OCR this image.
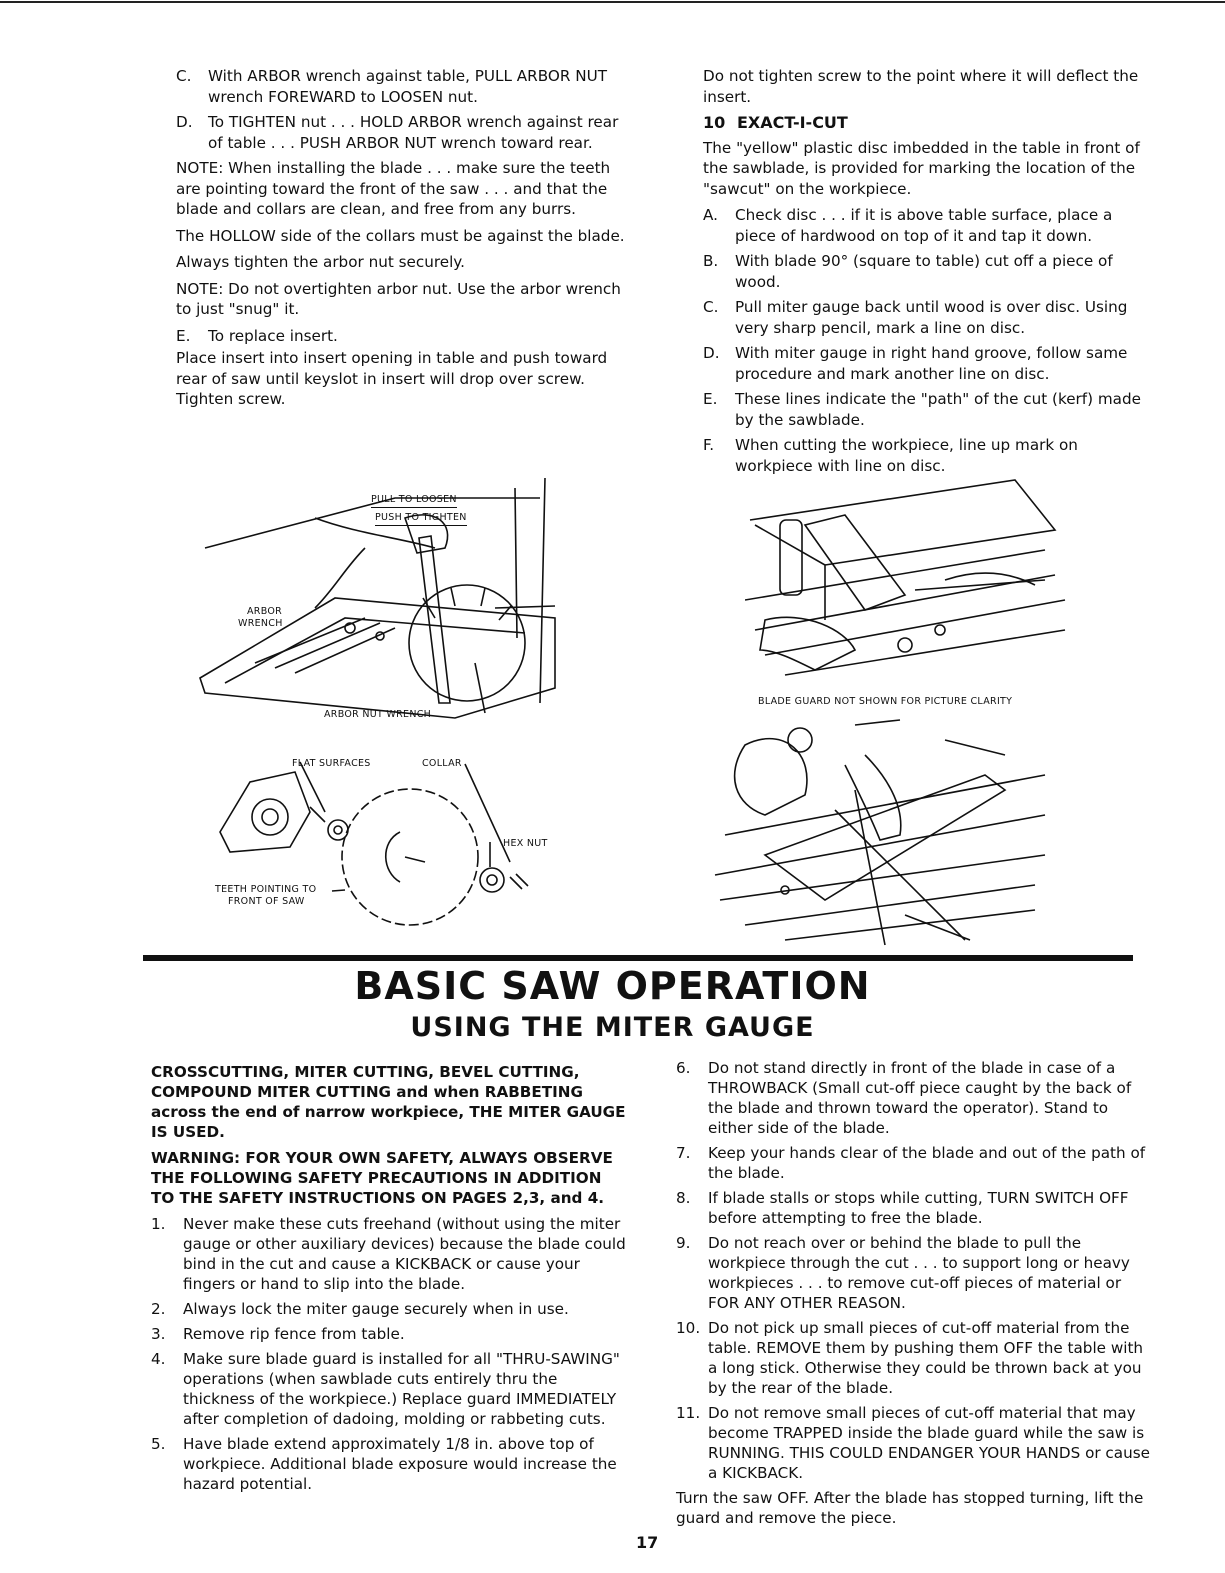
C.	With ARBOR wrench against table, PULL ARBOR NUT wrench FOREWARD to LOOSEN nut.
D.	To TIGHTEN nut . . . HOLD ARBOR wrench against rear of table . . . PUSH ARBOR NUT wrench toward rear.

NOTE: When installing the blade . . . make sure the teeth are pointing toward the front of the saw . . . and that the blade and collars are clean, and free from any burrs.

The HOLLOW side of the collars must be against the blade.

Always tighten the arbor nut securely.

NOTE: Do not overtighten arbor nut. Use the arbor wrench to just "snug" it.

E.	To replace insert.

Place insert into insert opening in table and push toward rear of saw until keyslot in insert will drop over screw. Tighten screw.

Do not tighten screw to the point where it will deflect the insert.

10 EXACT-I-CUT

The "yellow" plastic disc imbedded in the table in front of the sawblade, is provided for marking the location of the "sawcut" on the workpiece.

A.	Check disc . . . if it is above table surface, place a piece of hardwood on top of it and tap it down.
B.	With blade 90° (square to table) cut off a piece of wood.
C.	Pull miter gauge back until wood is over disc. Using very sharp pencil, mark a line on disc.
D.	With miter gauge in right hand groove, follow same procedure and mark another line on disc.
E.	These lines indicate the "path" of the cut (kerf) made by the sawblade.
F.	When cutting the workpiece, line up mark on workpiece with line on disc.
PULL TO LOOSEN
PUSH TO TIGHTEN
ARBOR
WRENCH
ARBOR NUT WRENCH
FLAT SURFACES	COLLAR
HEX NUT
TEETH POINTING TO
FRONT OF SAW
BLADE GUARD NOT SHOWN FOR PICTURE CLARITY
BASIC SAW OPERATION
USING THE MITER GAUGE

CROSSCUTTING, MITER CUTTING, BEVEL CUTTING, COMPOUND MITER CUTTING and when RABBETING across the end of narrow workpiece, THE MITER GAUGE IS USED.

WARNING: FOR YOUR OWN SAFETY, ALWAYS OBSERVE THE FOLLOWING SAFETY PRECAUTIONS IN ADDITION TO THE SAFETY INSTRUCTIONS ON PAGES 2,3, and 4.

1.	Never make these cuts freehand (without using the miter gauge or other auxiliary devices) because the blade could bind in the cut and cause a KICKBACK or cause your fingers or hand to slip into the blade.
2.	Always lock the miter gauge securely when in use.
3.	Remove rip fence from table.
4.	Make sure blade guard is installed for all "THRU-SAWING" operations (when sawblade cuts entirely thru the thickness of the workpiece.) Replace guard IMMEDIATELY after completion of dadoing, molding or rabbeting cuts.
5.	Have blade extend approximately 1/8 in. above top of workpiece. Additional blade exposure would increase the hazard potential.
6.	Do not stand directly in front of the blade in case of a THROWBACK (Small cut-off piece caught by the back of the blade and thrown toward the operator). Stand to either side of the blade.
7.	Keep your hands clear of the blade and out of the path of the blade.
8.	If blade stalls or stops while cutting, TURN SWITCH OFF before attempting to free the blade.
9.	Do not reach over or behind the blade to pull the workpiece through the cut . . . to support long or heavy workpieces . . . to remove cut-off pieces of material or FOR ANY OTHER REASON.
10. Do not pick up small pieces of cut-off material from the table. REMOVE them by pushing them OFF the table with a long stick. Otherwise they could be thrown back at you by the rear of the blade.
11. Do not remove small pieces of cut-off material that may become TRAPPED inside the blade guard while the saw is RUNNING. THIS COULD ENDANGER YOUR HANDS or cause a KICKBACK.

Turn the saw OFF. After the blade has stopped turning, lift the guard and remove the piece.

17
